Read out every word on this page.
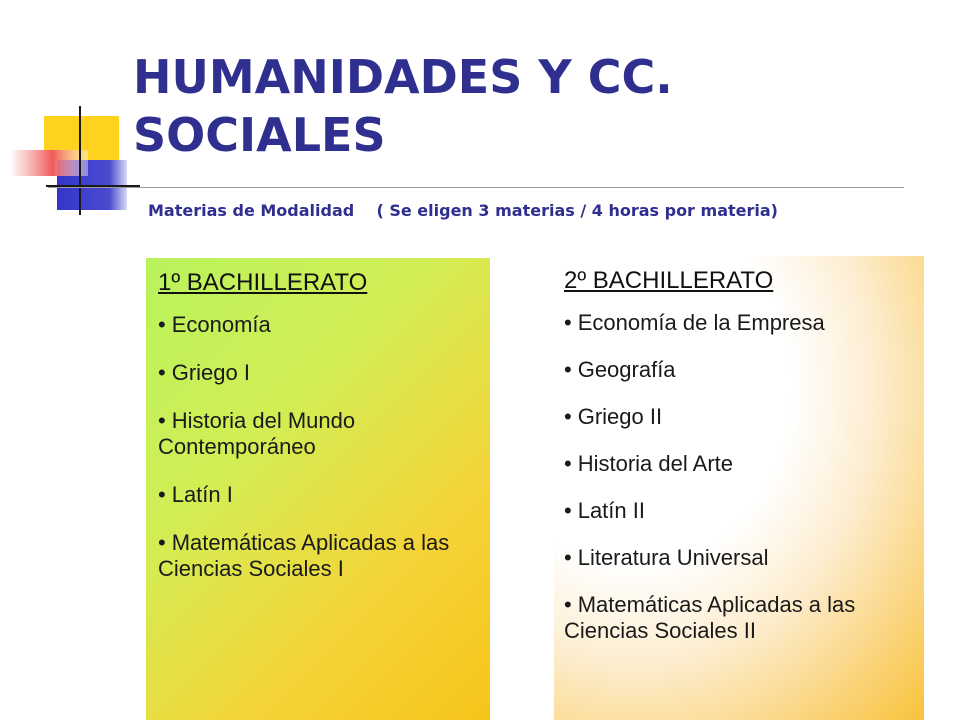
HUMANIDADES Y CC. SOCIALES
Materias de Modalidad    ( Se eligen 3 materias / 4 horas por materia)
1º BACHILLERATO
• Economía
• Griego I
• Historia del Mundo Contemporáneo
• Latín I
• Matemáticas Aplicadas a las Ciencias Sociales I
2º BACHILLERATO
• Economía de la Empresa
• Geografía
• Griego II
• Historia del Arte
• Latín II
• Literatura Universal
• Matemáticas Aplicadas a las Ciencias Sociales II
